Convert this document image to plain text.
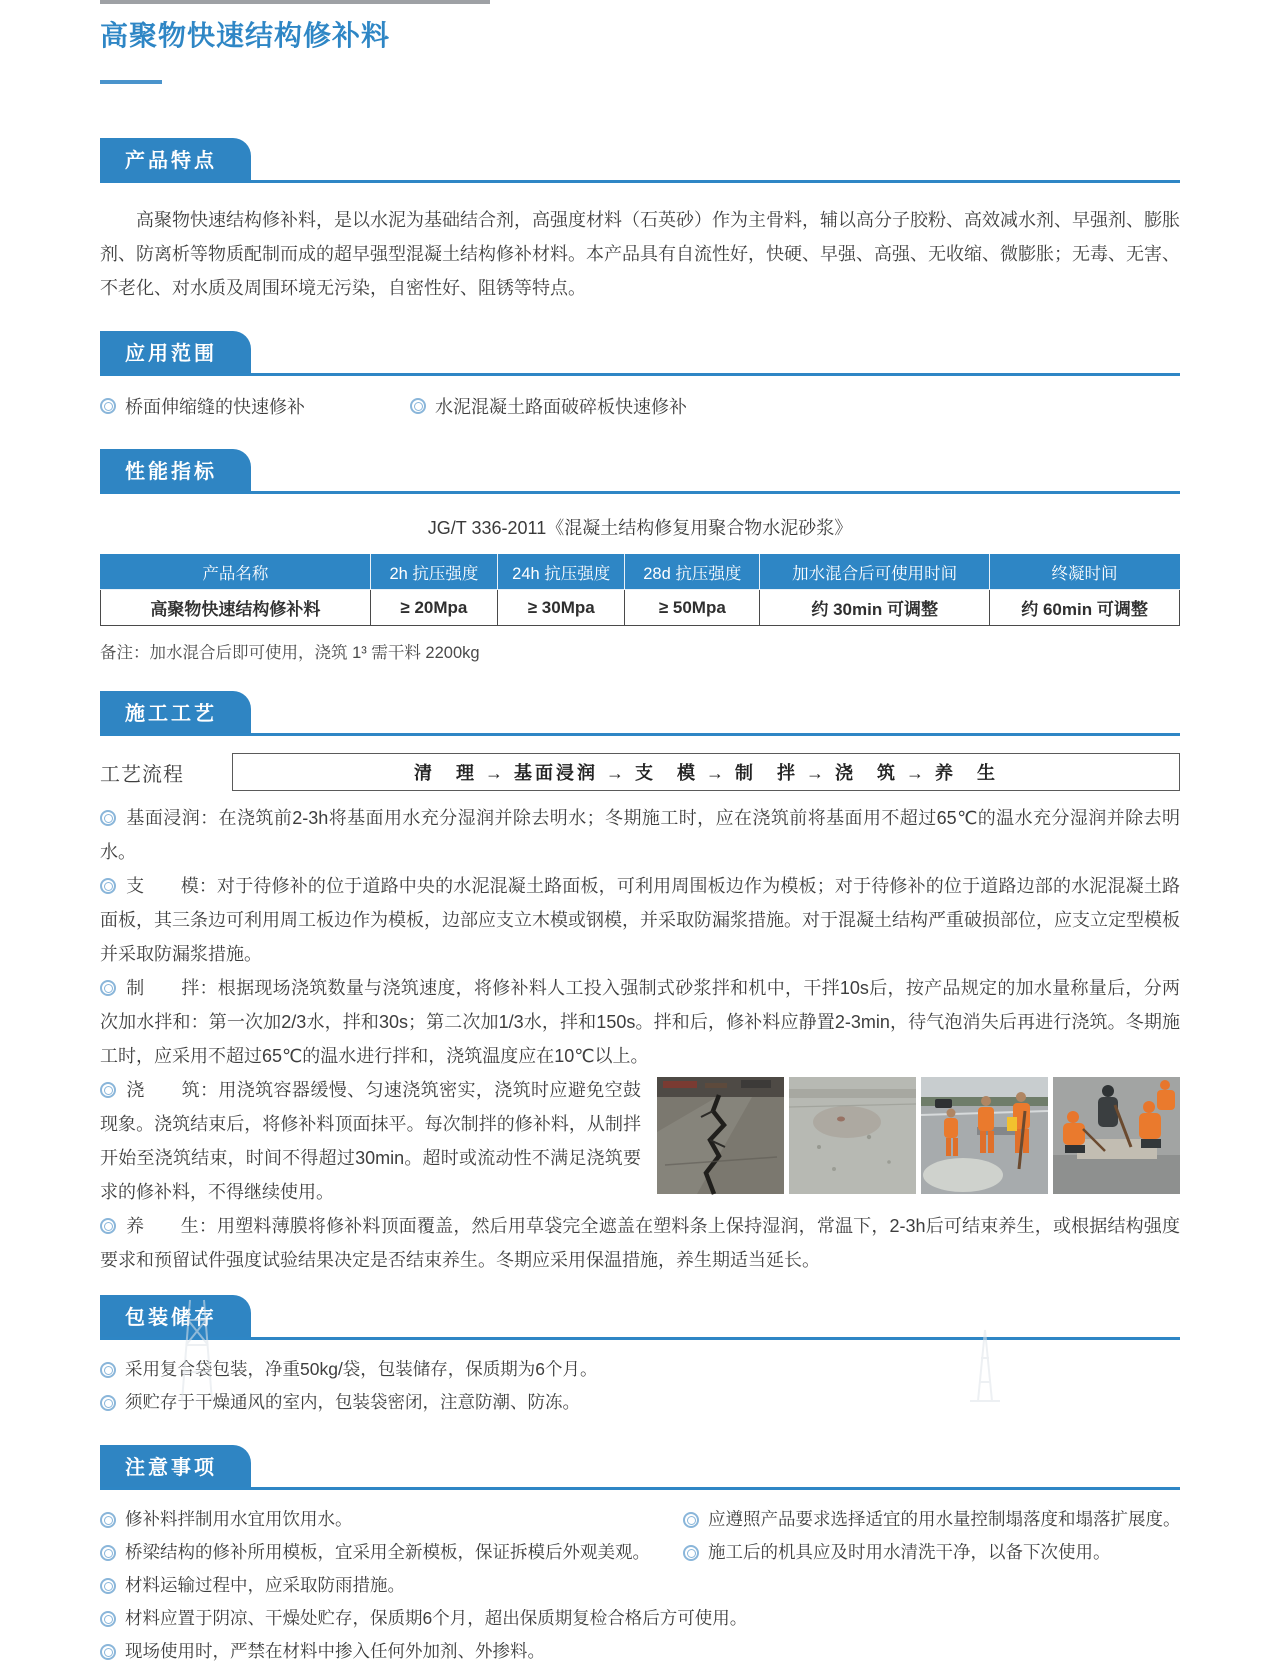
高聚物快速结构修补料
产品特点

高聚物快速结构修补料，是以水泥为基础结合剂，高强度材料（石英砂）作为主骨料，辅以高分子胶粉、高效减水剂、早强剂、膨胀剂、防离析等物质配制而成的超早强型混凝土结构修补材料。本产品具有自流性好，快硬、早强、高强、无收缩、微膨胀；无毒、无害、不老化、对水质及周围环境无污染，自密性好、阻锈等特点。

应用范围
桥面伸缩缝的快速修补	水泥混凝土路面破碎板快速修补
性能指标
JG/T 336-2011《混凝土结构修复用聚合物水泥砂浆》
产品名称	2h 抗压强度	24h 抗压强度	28d 抗压强度	加水混合后可使用时间	终凝时间
高聚物快速结构修补料	≥ 20Mpa	≥ 30Mpa	≥ 50Mpa	约 30min 可调整	约 60min 可调整
备注：加水混合后即可使用，浇筑 1³ 需干料 2200kg
施工工艺
工艺流程	清　理 → 基面浸润 → 支　模 → 制　拌 → 浇　筑 → 养　生
基面浸润：在浇筑前2-3h将基面用水充分湿润并除去明水；冬期施工时，应在浇筑前将基面用不超过65℃的温水充分湿润并除去明水。
支　　模：对于待修补的位于道路中央的水泥混凝土路面板，可利用周围板边作为模板；对于待修补的位于道路边部的水泥混凝土路面板，其三条边可利用周工板边作为模板，边部应支立木模或钢模，并采取防漏浆措施。对于混凝土结构严重破损部位，应支立定型模板并采取防漏浆措施。
制　　拌：根据现场浇筑数量与浇筑速度，将修补料人工投入强制式砂浆拌和机中，干拌10s后，按产品规定的加水量称量后，分两次加水拌和：第一次加2/3水，拌和30s；第二次加1/3水，拌和150s。拌和后，修补料应静置2-3min，待气泡消失后再进行浇筑。冬期施工时，应采用不超过65℃的温水进行拌和，浇筑温度应在10℃以上。
浇　　筑：用浇筑容器缓慢、匀速浇筑密实，浇筑时应避免空鼓现象。浇筑结束后，将修补料顶面抹平。每次制拌的修补料，从制拌开始至浇筑结束，时间不得超过30min。超时或流动性不满足浇筑要求的修补料，不得继续使用。
养　　生：用塑料薄膜将修补料顶面覆盖，然后用草袋完全遮盖在塑料条上保持湿润，常温下，2-3h后可结束养生，或根据结构强度要求和预留试件强度试验结果决定是否结束养生。冬期应采用保温措施，养生期适当延长。
包装储存
采用复合袋包装，净重50kg/袋，包装储存，保质期为6个月。
须贮存于干燥通风的室内，包装袋密闭，注意防潮、防冻。
注意事项
修补料拌制用水宜用饮用水。
桥梁结构的修补所用模板，宜采用全新模板，保证拆模后外观美观。
材料运输过程中，应采取防雨措施。
材料应置于阴凉、干燥处贮存，保质期6个月，超出保质期复检合格后方可使用。
现场使用时，严禁在材料中掺入任何外加剂、外掺料。
应遵照产品要求选择适宜的用水量控制塌落度和塌落扩展度。
施工后的机具应及时用水清洗干净，以备下次使用。
